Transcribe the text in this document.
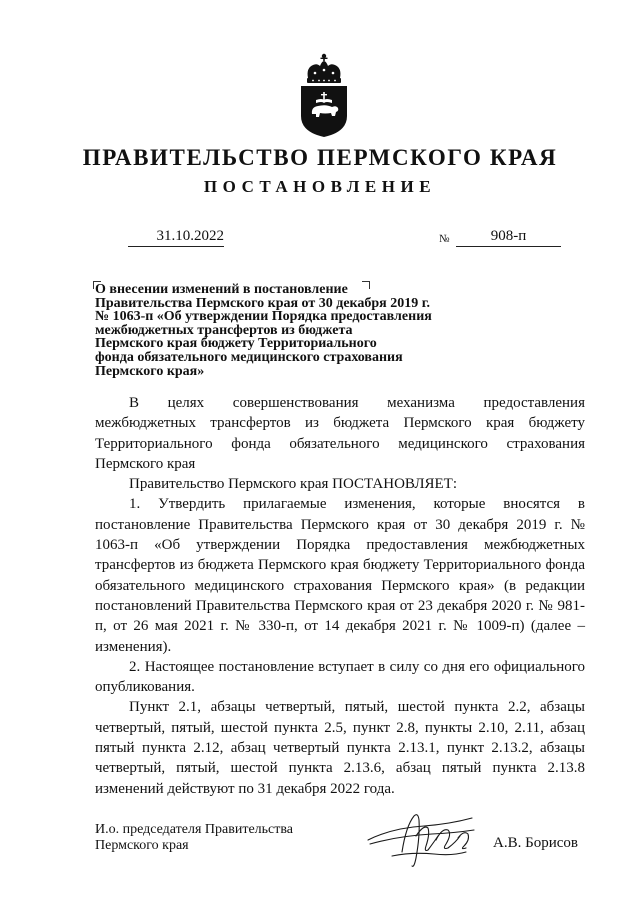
ПРАВИТЕЛЬСТВО ПЕРМСКОГО КРАЯ
ПОСТАНОВЛЕНИЕ
31.10.2022	№	908-п
О внесении изменений в постановление
Правительства Пермского края от 30 декабря 2019 г.
№ 1063-п «Об утверждении Порядка предоставления
межбюджетных трансфертов из бюджета
Пермского края бюджету Территориального
фонда обязательного медицинского страхования
Пермского края»

В целях совершенствования механизма предоставления межбюджетных трансфертов из бюджета Пермского края бюджету Территориального фонда обязательного медицинского страхования Пермского края

Правительство Пермского края ПОСТАНОВЛЯЕТ:

1. Утвердить прилагаемые изменения, которые вносятся в постановление Правительства Пермского края от 30 декабря 2019 г. № 1063-п «Об утверждении Порядка предоставления межбюджетных трансфертов из бюджета Пермского края бюджету Территориального фонда обязательного медицинского страхования Пермского края» (в редакции постановлений Правительства Пермского края от 23 декабря 2020 г. № 981-п, от 26 мая 2021 г. № 330-п, от 14 декабря 2021 г. № 1009-п) (далее – изменения).

2. Настоящее постановление вступает в силу со дня его официального опубликования.

Пункт 2.1, абзацы четвертый, пятый, шестой пункта 2.2, абзацы четвертый, пятый, шестой пункта 2.5, пункт 2.8, пункты 2.10, 2.11, абзац пятый пункта 2.12, абзац четвертый пункта 2.13.1, пункт 2.13.2, абзацы четвертый, пятый, шестой пункта 2.13.6, абзац пятый пункта 2.13.8 изменений действуют по 31 декабря 2022 года.

И.о. председателя Правительства
Пермского края	А.В. Борисов
